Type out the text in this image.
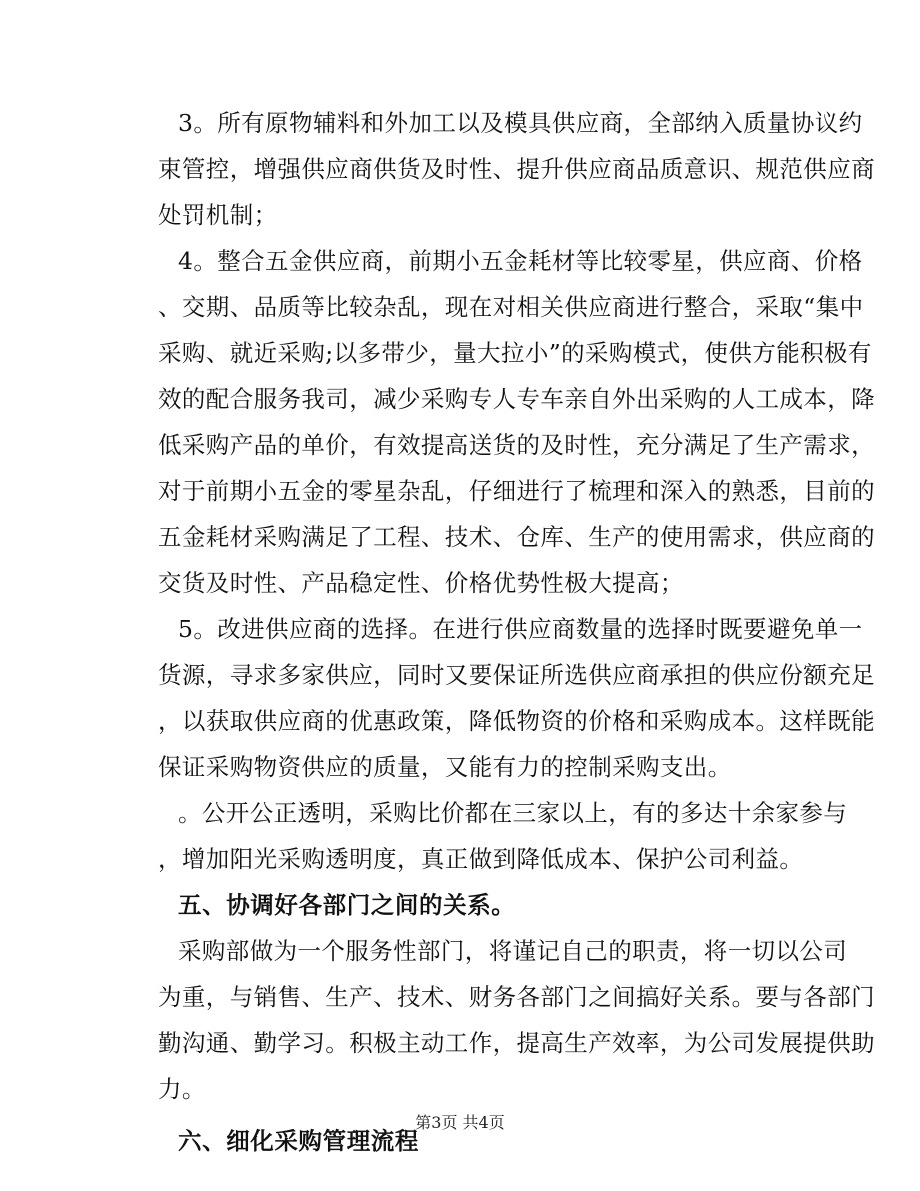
3。所有原物辅料和外加工以及模具供应商，全部纳入质量协议约
束管控，增强供应商供货及时性、提升供应商品质意识、规范供应商
处罚机制；
4。整合五金供应商，前期小五金耗材等比较零星，供应商、价格
、交期、品质等比较杂乱，现在对相关供应商进行整合，采取“集中
采购、就近采购;以多带少，量大拉小”的采购模式，使供方能积极有
效的配合服务我司，减少采购专人专车亲自外出采购的人工成本，降
低采购产品的单价，有效提高送货的及时性，充分满足了生产需求，
对于前期小五金的零星杂乱，仔细进行了梳理和深入的熟悉，目前的
五金耗材采购满足了工程、技术、仓库、生产的使用需求，供应商的
交货及时性、产品稳定性、价格优势性极大提高；
5。改进供应商的选择。在进行供应商数量的选择时既要避免单一
货源，寻求多家供应，同时又要保证所选供应商承担的供应份额充足
，以获取供应商的优惠政策，降低物资的价格和采购成本。这样既能
保证采购物资供应的质量，又能有力的控制采购支出。
。公开公正透明，采购比价都在三家以上，有的多达十余家参与
，增加阳光采购透明度，真正做到降低成本、保护公司利益。
五、协调好各部门之间的关系。
采购部做为一个服务性部门，将谨记自己的职责，将一切以公司
为重，与销售、生产、技术、财务各部门之间搞好关系。要与各部门
勤沟通、勤学习。积极主动工作，提高生产效率，为公司发展提供助
力。
六、细化采购管理流程
第3页 共4页
